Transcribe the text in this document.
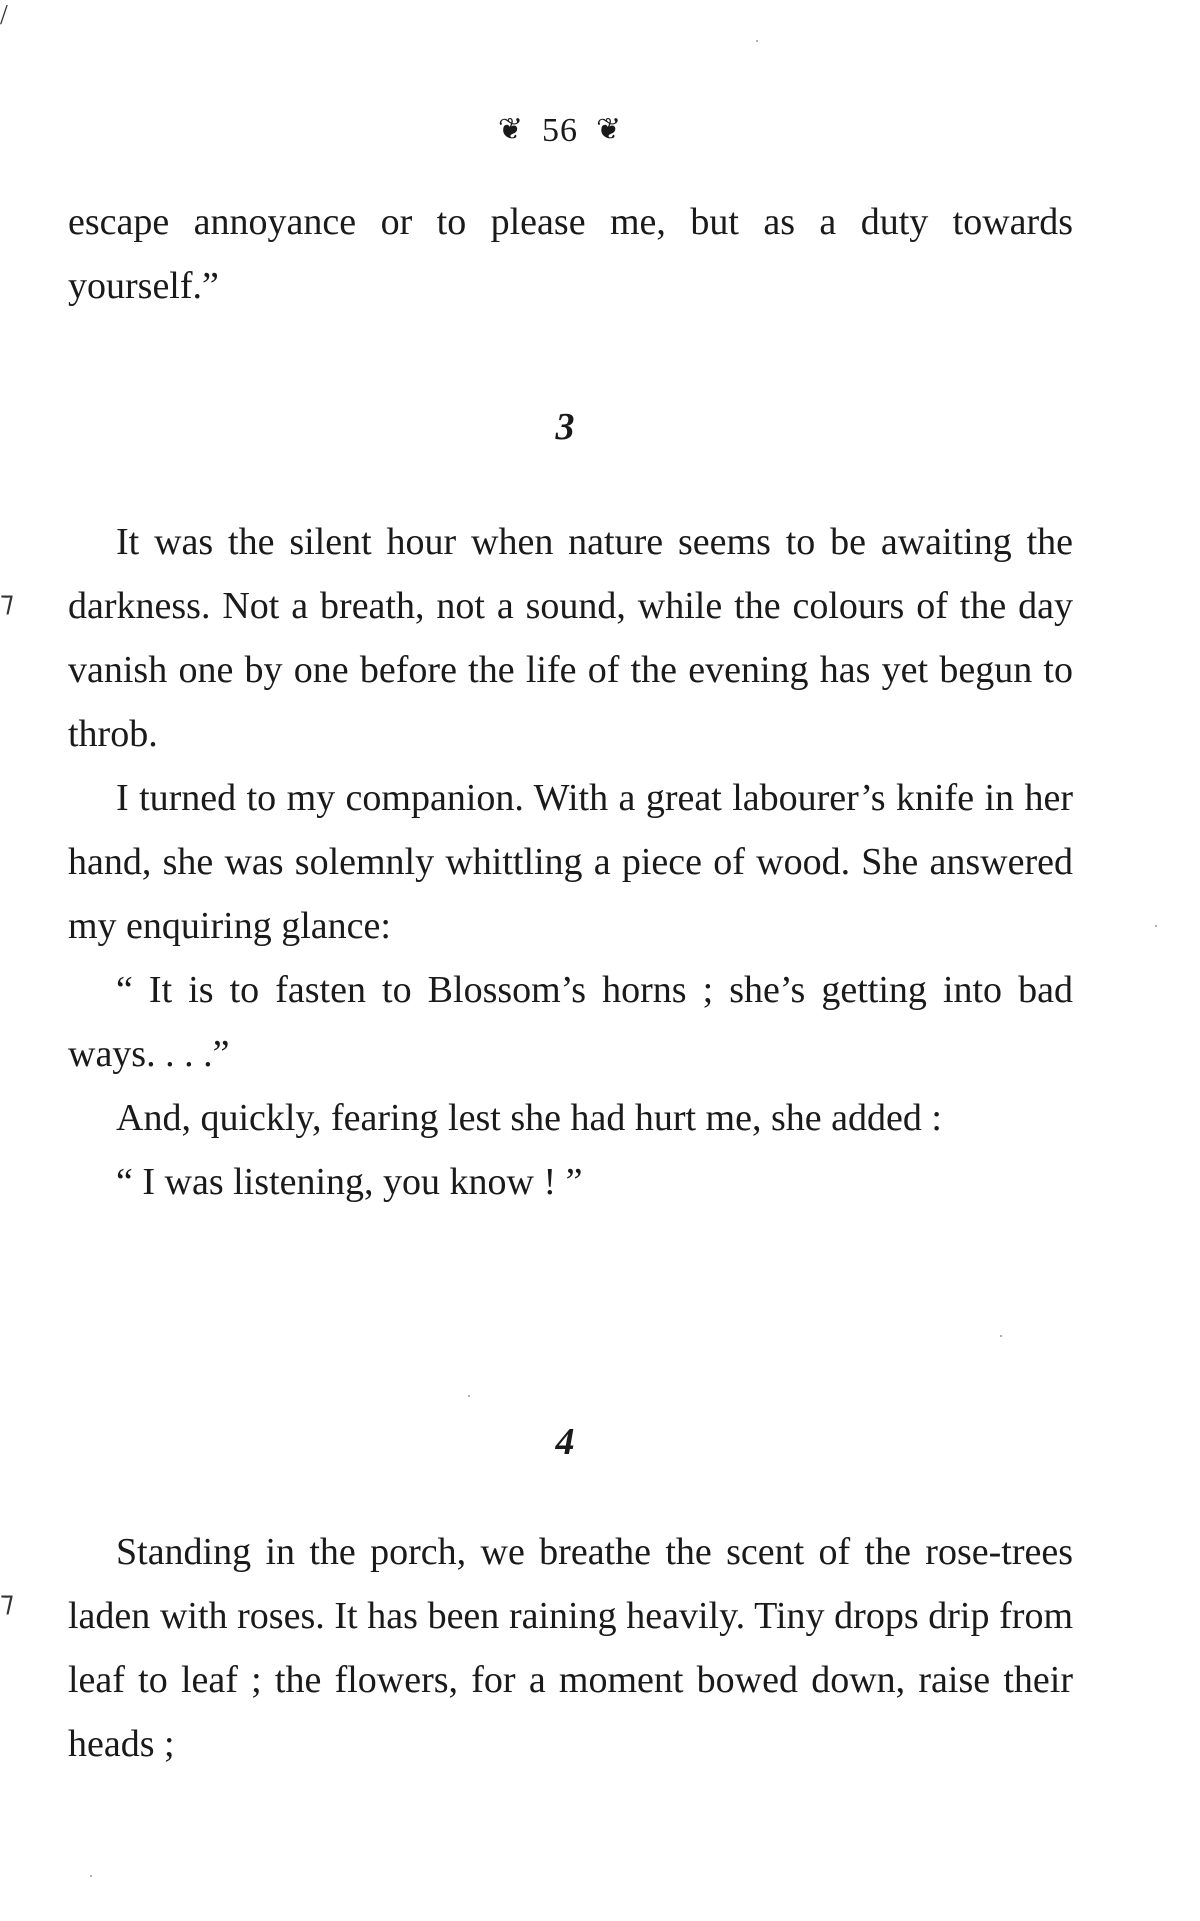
/
⁊
⁊
❦ 56 ❦

escape annoyance or to please me, but as a duty towards yourself.”

3

It was the silent hour when nature seems to be awaiting the darkness. Not a breath, not a sound, while the colours of the day vanish one by one before the life of the evening has yet begun to throb.

I turned to my companion. With a great labourer’s knife in her hand, she was solemnly whittling a piece of wood. She answered my enquiring glance:

“ It is to fasten to Blossom’s horns ; she’s getting into bad ways. . . .”

And, quickly, fearing lest she had hurt me, she added :

“ I was listening, you know ! ”

4

Standing in the porch, we breathe the scent of the rose-trees laden with roses. It has been raining heavily. Tiny drops drip from leaf to leaf ; the flowers, for a moment bowed down, raise their heads ;
